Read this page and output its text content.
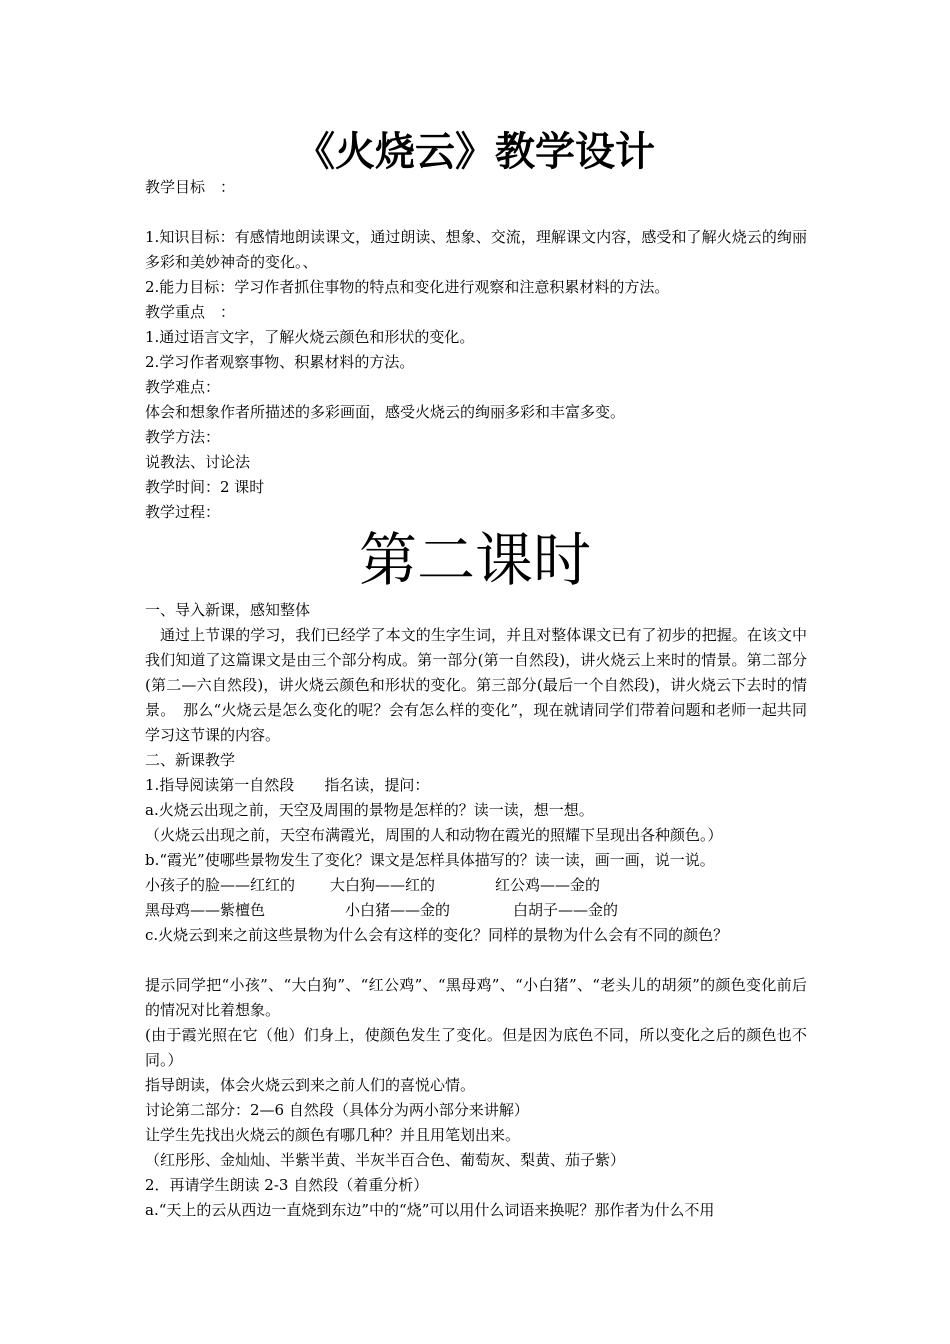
《火烧云》教学设计
教学目标　：
1.知识目标：有感情地朗读课文，通过朗读、想象、交流，理解课文内容，感受和了解火烧云的绚丽多彩和美妙神奇的变化。、
2.能力目标：学习作者抓住事物的特点和变化进行观察和注意积累材料的方法。
教学重点　：
1.通过语言文字，了解火烧云颜色和形状的变化。
2.学习作者观察事物、积累材料的方法。
教学难点：
体会和想象作者所描述的多彩画面，感受火烧云的绚丽多彩和丰富多变。
教学方法：
说教法、讨论法
教学时间：2 课时
教学过程：
第二课时
一、导入新课，感知整体
通过上节课的学习，我们已经学了本文的生字生词，并且对整体课文已有了初步的把握。在该文中我们知道了这篇课文是由三个部分构成。第一部分(第一自然段)，讲火烧云上来时的情景。第二部分(第二—六自然段)，讲火烧云颜色和形状的变化。第三部分(最后一个自然段)，讲火烧云下去时的情景。　那么“火烧云是怎么变化的呢？会有怎么样的变化”，现在就请同学们带着问题和老师一起共同学习这节课的内容。
二、新课教学
1.指导阅读第一自然段　　指名读，提问：
a.火烧云出现之前，天空及周围的景物是怎样的？读一读，想一想。
（火烧云出现之前，天空布满霞光，周围的人和动物在霞光的照耀下呈现出各种颜色。）
b.“霞光”使哪些景物发生了变化？课文是怎样具体描写的？读一读，画一画，说一说。
小孩子的脸——红红的	大白狗——红的	红公鸡——金的
黑母鸡——紫檀色	小白猪——金的	白胡子——金的
c.火烧云到来之前这些景物为什么会有这样的变化？同样的景物为什么会有不同的颜色？
提示同学把“小孩”、“大白狗”、“红公鸡”、“黑母鸡”、“小白猪”、“老头儿的胡须”的颜色变化前后的情况对比着想象。
(由于霞光照在它（他）们身上，使颜色发生了变化。但是因为底色不同，所以变化之后的颜色也不同。）
指导朗读，体会火烧云到来之前人们的喜悦心情。
讨论第二部分：2—6 自然段（具体分为两小部分来讲解）
让学生先找出火烧云的颜色有哪几种？并且用笔划出来。
（红彤彤、金灿灿、半紫半黄、半灰半百合色、葡萄灰、梨黄、茄子紫）
2．再请学生朗读 2-3 自然段（着重分析）
a.“天上的云从西边一直烧到东边”中的“烧”可以用什么词语来换呢？那作者为什么不用
